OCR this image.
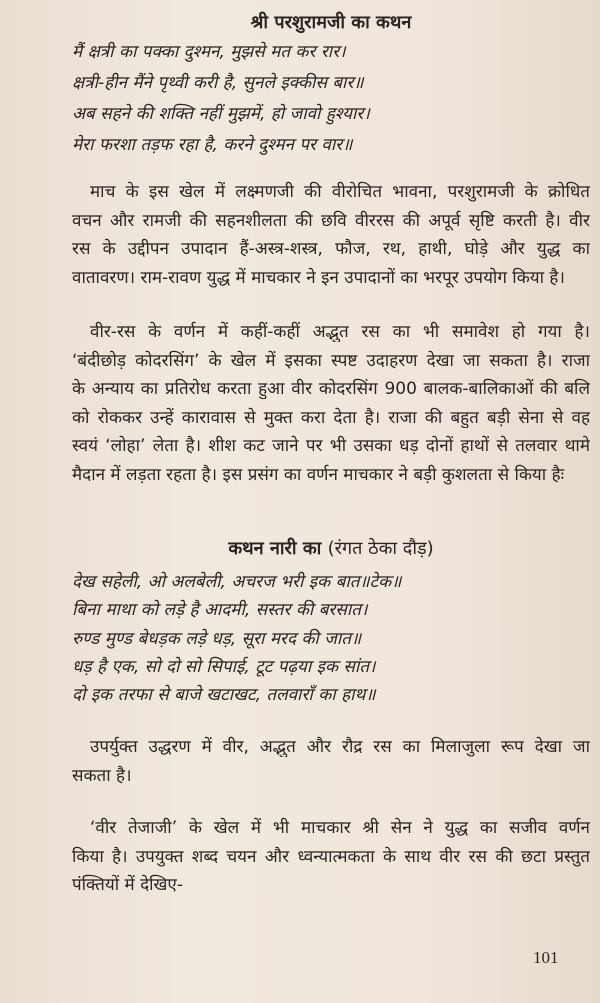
श्री परशुरामजी का कथन
मैं क्षत्री का पक्का दुश्मन, मुझसे मत कर रार।
क्षत्री-हीन मैंने पृथ्वी करी है, सुनले इक्कीस बार॥
अब सहने की शक्ति नहीं मुझमें, हो जावो हुश्यार।
मेरा फरशा तड़फ रहा है, करने दुश्मन पर वार॥
माच के इस खेल में लक्ष्मणजी की वीरोचित भावना, परशुरामजी के क्रोधित
वचन और रामजी की सहनशीलता की छवि वीररस की अपूर्व सृष्टि करती है। वीर
रस के उद्दीपन उपादान हैं-अस्त्र-शस्त्र, फौज, रथ, हाथी, घोड़े और युद्ध का
वातावरण। राम-रावण युद्ध में माचकार ने इन उपादानों का भरपूर उपयोग किया है।
वीर-रस के वर्णन में कहीं-कहीं अद्भुत रस का भी समावेश हो गया है।
‘बंदीछोड़ कोदरसिंग’ के खेल में इसका स्पष्ट उदाहरण देखा जा सकता है। राजा
के अन्याय का प्रतिरोध करता हुआ वीर कोदरसिंग 900 बालक-बालिकाओं की बलि
को रोककर उन्हें कारावास से मुक्त करा देता है। राजा की बहुत बड़ी सेना से वह
स्वयं ‘लोहा’ लेता है। शीश कट जाने पर भी उसका धड़ दोनों हाथों से तलवार थामे
मैदान में लड़ता रहता है। इस प्रसंग का वर्णन माचकार ने बड़ी कुशलता से किया हैः
कथन नारी का (रंगत ठेका दौड़)
देख सहेली, ओ अलबेली, अचरज भरी इक बात॥टेक॥
बिना माथा को लड़े है आदमी, सस्तर की बरसात।
रुण्ड मुण्ड बेधड़क लड़े धड़, सूरा मरद की जात॥
धड़ है एक, सो दो सो सिपाई, टूट पढ़या इक सांत।
दो इक तरफा से बाजे खटाखट, तलवाराँ का हाथ॥
उपर्युक्त उद्धरण में वीर, अद्भुत और रौद्र रस का मिलाजुला रूप देखा जा
सकता है।
‘वीर तेजाजी’ के खेल में भी माचकार श्री सेन ने युद्ध का सजीव वर्णन
किया है। उपयुक्त शब्द चयन और ध्वन्यात्मकता के साथ वीर रस की छटा प्रस्तुत
पंक्तियों में देखिए-
101
